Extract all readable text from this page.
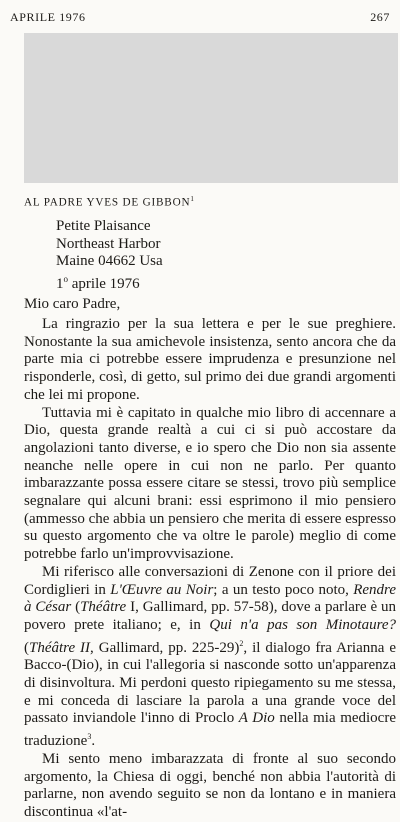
APRILE 1976	267
AL PADRE YVES DE GIBBON$^1$
Petite Plaisance
Northeast Harbor
Maine 04662 Usa
1$^o$ aprile 1976
Mio caro Padre,

La ringrazio per la sua lettera e per le sue preghiere. Nonostante la sua amichevole insistenza, sento ancora che da parte mia ci potrebbe essere imprudenza e presunzione nel risponderle, così, di getto, sul primo dei due grandi argomenti che lei mi propone.

Tuttavia mi è capitato in qualche mio libro di accennare a Dio, questa grande realtà a cui ci si può accostare da angolazioni tanto diverse, e io spero che Dio non sia assente neanche nelle opere in cui non ne parlo. Per quanto imbarazzante possa essere citare se stessi, trovo più semplice segnalare qui alcuni brani: essi esprimono il mio pensiero (ammesso che abbia un pensiero che merita di essere espresso su questo argomento che va oltre le parole) meglio di come potrebbe farlo un'improvvisazione.

Mi riferisco alle conversazioni di Zenone con il priore dei Cordiglieri in L'Œuvre au Noir; a un testo poco noto, Rendre à César (Théâtre I, Gallimard, pp. 57-58), dove a parlare è un povero prete italiano; e, in Qui n'a pas son Minotaure? (Théâtre II, Gallimard, pp. 225-29)$^2$, il dialogo fra Arianna e Bacco-(Dio), in cui l'allegoria si nasconde sotto un'apparenza di disinvoltura. Mi perdoni questo ripiegamento su me stessa, e mi conceda di lasciare la parola a una grande voce del passato inviandole l'inno di Proclo A Dio nella mia mediocre traduzione$^3$.

Mi sento meno imbarazzata di fronte al suo secondo argomento, la Chiesa di oggi, benché non abbia l'autorità di parlarne, non avendo seguito se non da lontano e in maniera discontinua «l'at-
